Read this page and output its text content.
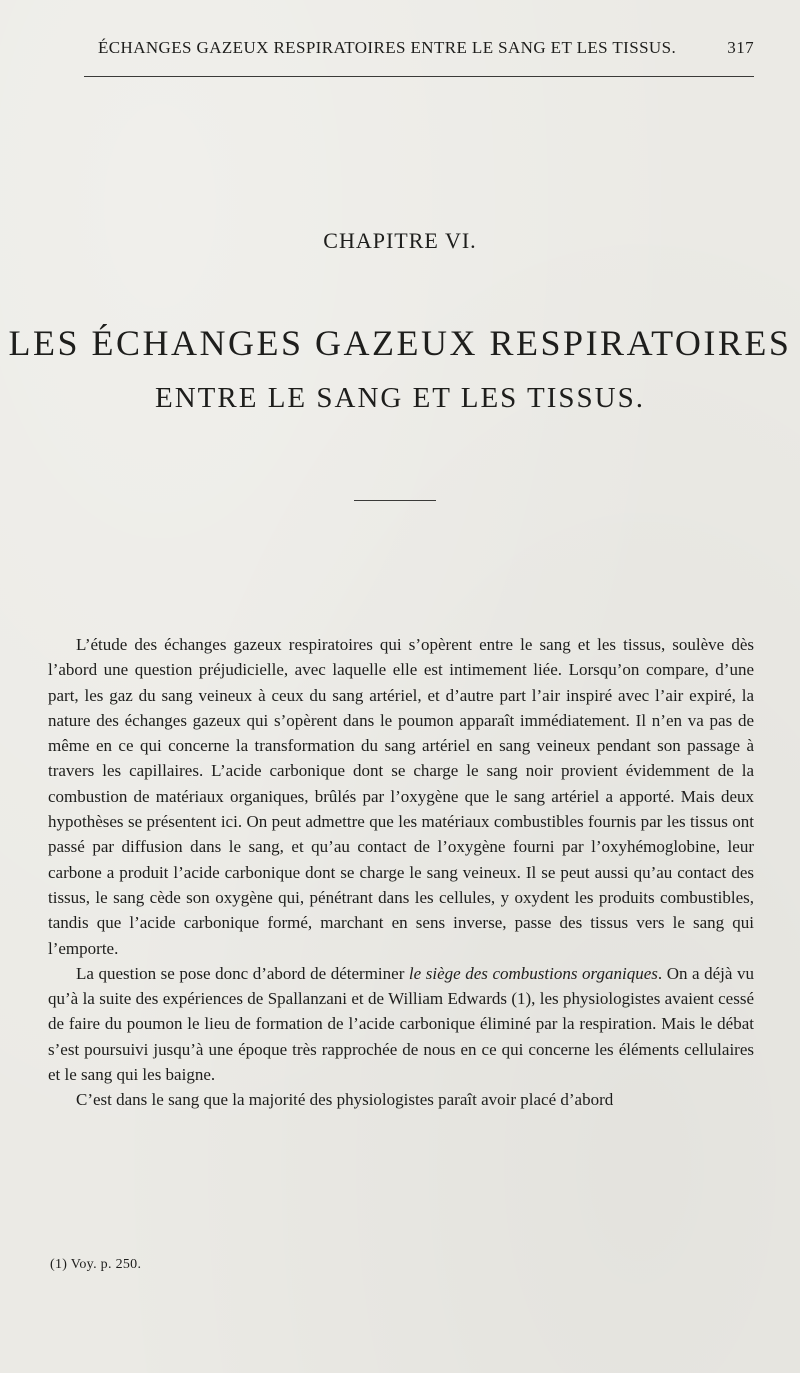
ÉCHANGES GAZEUX RESPIRATOIRES ENTRE LE SANG ET LES TISSUS.	317
CHAPITRE VI.
LES ÉCHANGES GAZEUX RESPIRATOIRES
ENTRE LE SANG ET LES TISSUS.

L’étude des échanges gazeux respiratoires qui s’opèrent entre le sang et les tissus, soulève dès l’abord une question préjudicielle, avec laquelle elle est intimement liée. Lorsqu’on compare, d’une part, les gaz du sang veineux à ceux du sang artériel, et d’autre part l’air inspiré avec l’air expiré, la nature des échanges gazeux qui s’opèrent dans le poumon apparaît immédiatement. Il n’en va pas de même en ce qui concerne la transformation du sang artériel en sang veineux pendant son passage à travers les capillaires. L’acide carbonique dont se charge le sang noir provient évidemment de la combustion de matériaux organiques, brûlés par l’oxygène que le sang artériel a apporté. Mais deux hypothèses se présentent ici. On peut admettre que les matériaux combustibles fournis par les tissus ont passé par diffusion dans le sang, et qu’au contact de l’oxygène fourni par l’oxyhémoglobine, leur carbone a produit l’acide carbonique dont se charge le sang veineux. Il se peut aussi qu’au contact des tissus, le sang cède son oxygène qui, pénétrant dans les cellules, y oxydent les produits combustibles, tandis que l’acide carbonique formé, marchant en sens inverse, passe des tissus vers le sang qui l’emporte.

La question se pose donc d’abord de déterminer le siège des combustions organiques. On a déjà vu qu’à la suite des expériences de Spallanzani et de William Edwards (1), les physiologistes avaient cessé de faire du poumon le lieu de formation de l’acide carbonique éliminé par la respiration. Mais le débat s’est poursuivi jusqu’à une époque très rapprochée de nous en ce qui concerne les éléments cellulaires et le sang qui les baigne.

C’est dans le sang que la majorité des physiologistes paraît avoir placé d’abord

(1) Voy. p. 250.
